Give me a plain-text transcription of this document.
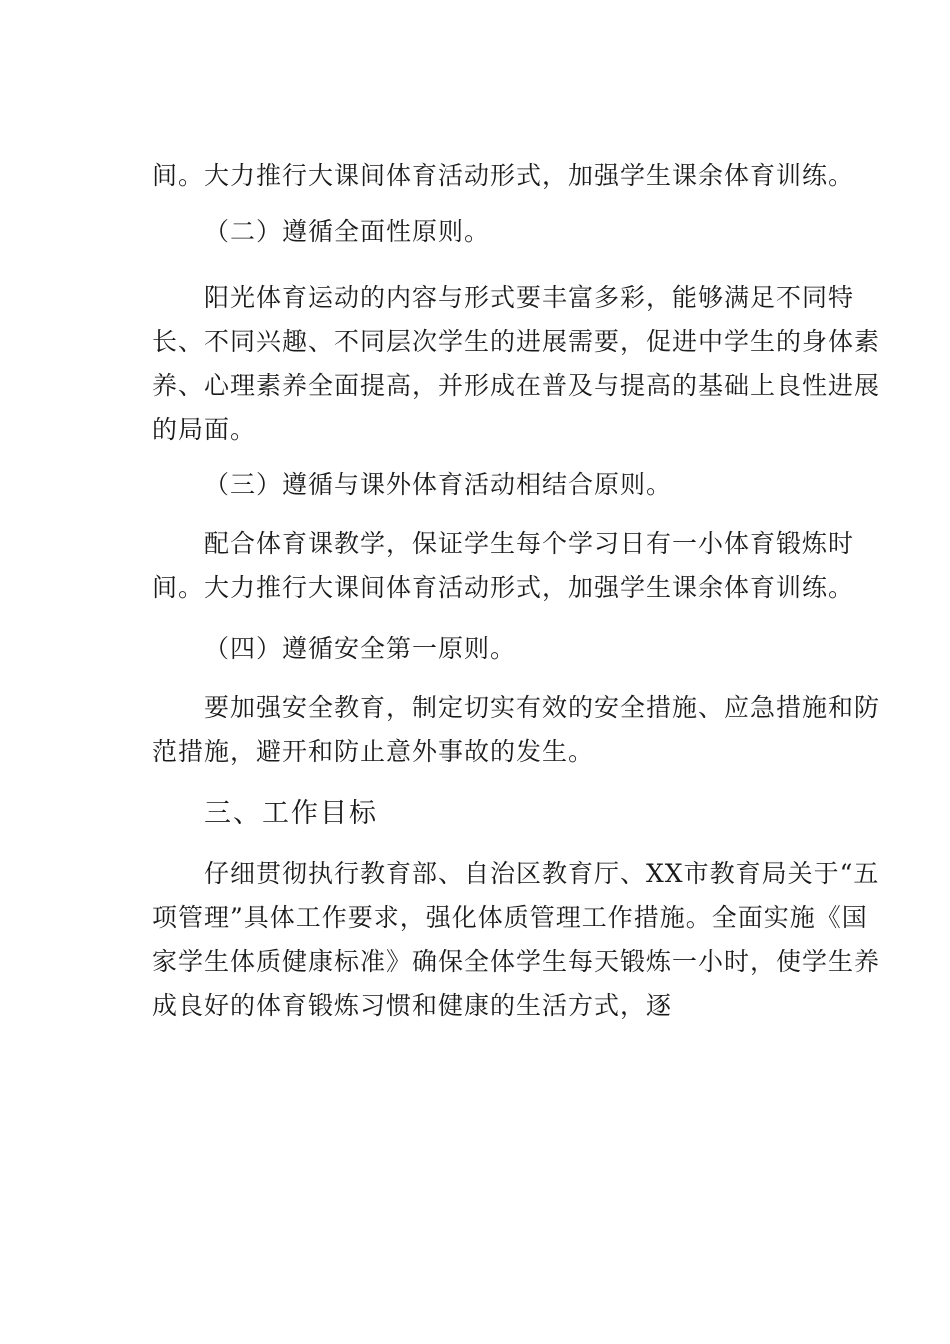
间。大力推行大课间体育活动形式，加强学生课余体育训练。

（二）遵循全面性原则。

阳光体育运动的内容与形式要丰富多彩，能够满足不同特
长、不同兴趣、不同层次学生的进展需要，促进中学生的身体素
养、心理素养全面提高，并形成在普及与提高的基础上良性进展
的局面。

（三）遵循与课外体育活动相结合原则。

配合体育课教学，保证学生每个学习日有一小体育锻炼时
间。大力推行大课间体育活动形式，加强学生课余体育训练。

（四）遵循安全第一原则。

要加强安全教育，制定切实有效的安全措施、应急措施和防
范措施，避开和防止意外事故的发生。

三、工作目标

仔细贯彻执行教育部、自治区教育厅、XX市教育局关于“五
项管理”具体工作要求，强化体质管理工作措施。全面实施《国
家学生体质健康标准》确保全体学生每天锻炼一小时，使学生养
成良好的体育锻炼习惯和健康的生活方式，逐
